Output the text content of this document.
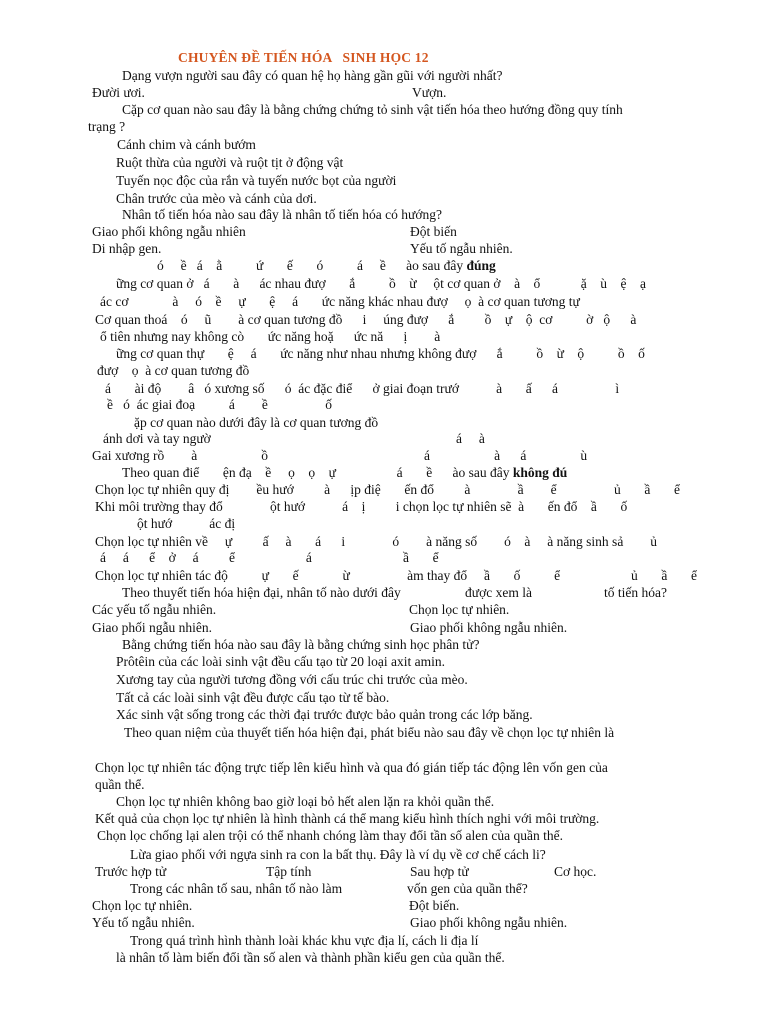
CHUYÊN ĐỀ TIẾN HÓA   SINH HỌC 12
Dạng vượn người sau đây có quan hệ họ hàng gần gũi với người nhất?
Đười ươi.	Vượn.
Cặp cơ quan nào sau đây là bằng chứng chứng tỏ sinh vật tiến hóa theo hướng đồng quy tính
trạng ?
Cánh chim và cánh bướm
Ruột thừa của người và ruột tịt ở động vật
Tuyến nọc độc của rắn và tuyến nước bọt của người
Chân trước của mèo và cánh của dơi.
Nhân tố tiến hóa nào sau đây là nhân tố tiến hóa có hướng?
Giao phối không ngẫu nhiên	Đột biến
Di nhập gen.	Yếu tố ngẫu nhiên.
ó     ề   á    ằ          ứ       ế       ó          á     ề      ào sau đây đúng
ững cơ quan ở   á       à      ác nhau đượ       ắ          ồ    ừ     ột cơ quan ở    à    ổ            ặ    ù    ệ    ạ
ác cơ             à     ó    ề     ự       ệ     á       ức năng khác nhau đượ     ọ  à cơ quan tương tự
Cơ quan thoá    ó     ũ        à cơ quan tương đồ      i     úng đượ      ắ         ồ    ự    ộ  cơ          ờ   ộ      à
ổ tiên nhưng nay không cò       ức năng hoặ      ức nă      ị        à
ững cơ quan thự       ệ     á       ức năng như nhau nhưng không đượ      ắ          ồ    ừ    ộ          ồ    ố
đượ    ọ  à cơ quan tương đồ
á       ài độ        â   ó xương số      ó  ác đặc điể      ở giai đoạn trướ           à       ấ      á                 ì
ề   ó  ác giai đoạ          á        ề                 ố
ặp cơ quan nào dưới đây là cơ quan tương đồ
ánh dơi và tay ngườ	á     à
Gai xương rồ        à                   ồ	á                   à      á                ù
Theo quan điể       ện đạ    ề     ọ    ọ    ự                  á       ề      ào sau đây không đú
Chọn lọc tự nhiên quy đị        ều hướ         à      ịp điệ       ến đổ         à              ầ        ể                 ủ       ầ       ể
Khi môi trường thay đổ              ột hướ           á    ị         i chọn lọc tự nhiên sẽ  à       ến đổ    ầ       ố
ột hướ           ác đị
Chọn lọc tự nhiên về     ự         ấ     à       á      i              ó        à năng số        ó    à     à năng sinh sả        ủ
á     á      ể    ở     á         ể                     á                           ầ       ể
Chọn lọc tự nhiên tác độ          ự       ế             ừ                 àm thay đổ     ầ       ố          ể                     ủ       ầ       ể
Theo thuyết tiến hóa hiện đại, nhân tố nào dưới đây	được xem là	tố tiến hóa?
Các yếu tố ngẫu nhiên.	Chọn lọc tự nhiên.
Giao phối ngẫu nhiên.	Giao phối không ngẫu nhiên.
Bằng chứng tiến hóa nào sau đây là bằng chứng sinh học phân tử?
Prôtêin của các loài sinh vật đều cấu tạo từ 20 loại axit amin.
Xương tay của người tương đồng với cấu trúc chi trước của mèo.
Tất cả các loài sinh vật đều được cấu tạo từ tế bào.
Xác sinh vật sống trong các thời đại trước được bảo quản trong các lớp băng.
Theo quan niệm của thuyết tiến hóa hiện đại, phát biểu nào sau đây về chọn lọc tự nhiên là
Chọn lọc tự nhiên tác động trực tiếp lên kiểu hình và qua đó gián tiếp tác động lên vốn gen của
quần thể.
Chọn lọc tự nhiên không bao giờ loại bỏ hết alen lặn ra khỏi quần thể.
Kết quả của chọn lọc tự nhiên là hình thành cá thể mang kiểu hình thích nghi với môi trường.
Chọn lọc chống lại alen trội có thể nhanh chóng làm thay đổi tần số alen của quần thể.
Lừa giao phối với ngựa sinh ra con la bất thụ. Đây là ví dụ về cơ chế cách li?
Trước hợp tử	Tập tính	Sau hợp tử	Cơ học.
Trong các nhân tố sau, nhân tố nào làm	vốn gen của quần thể?
Chọn lọc tự nhiên.	Đột biến.
Yếu tố ngẫu nhiên.	Giao phối không ngẫu nhiên.
Trong quá trình hình thành loài khác khu vực địa lí, cách li địa lí
là nhân tố làm biến đổi tần số alen và thành phần kiểu gen của quần thể.
